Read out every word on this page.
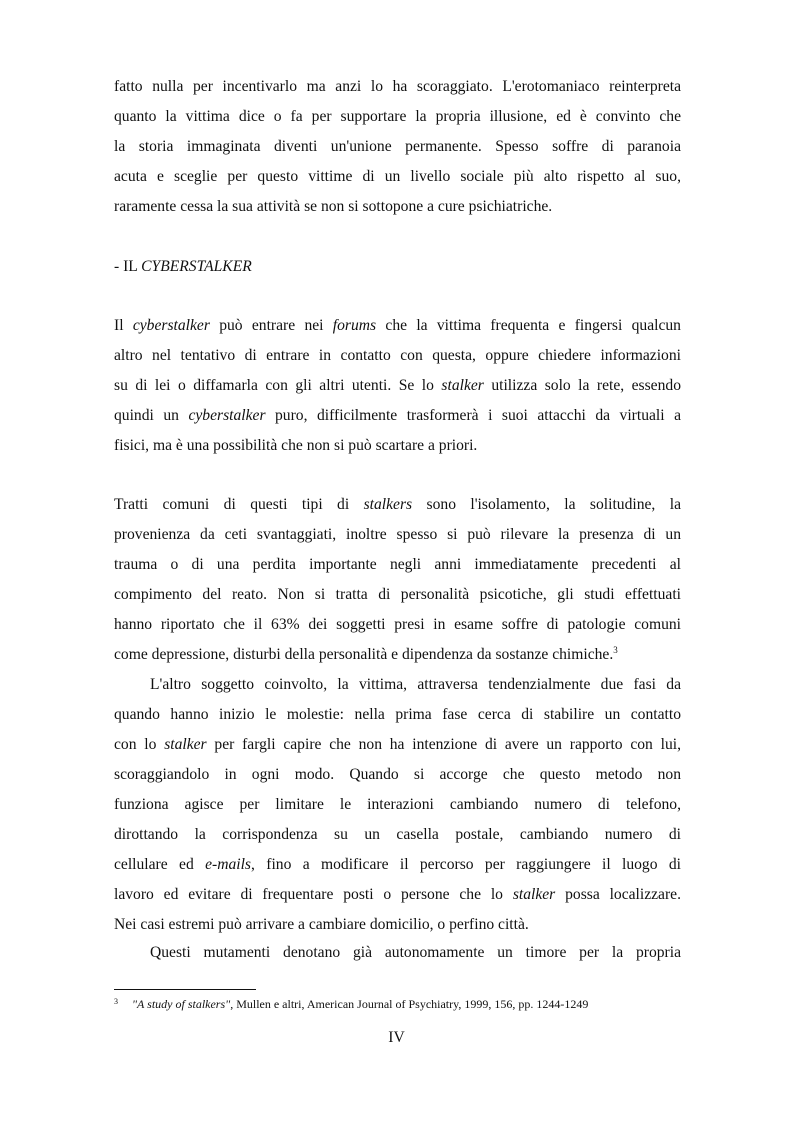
fatto nulla per incentivarlo ma anzi lo ha scoraggiato. L'erotomaniaco reinterpreta
quanto la vittima dice o fa per supportare la propria illusione, ed è convinto che
la storia immaginata diventi un'unione permanente. Spesso soffre di paranoia
acuta e sceglie per questo vittime di un livello sociale più alto rispetto al suo,
raramente cessa la sua attività se non si sottopone a cure psichiatriche.
- IL CYBERSTALKER
Il cyberstalker può entrare nei forums che la vittima frequenta e fingersi qualcun
altro nel tentativo di entrare in contatto con questa, oppure chiedere informazioni
su di lei o diffamarla con gli altri utenti. Se lo stalker utilizza solo la rete, essendo
quindi un cyberstalker puro, difficilmente trasformerà i suoi attacchi da virtuali a
fisici, ma è una possibilità che non si può scartare a priori.
Tratti comuni di questi tipi di stalkers sono l'isolamento, la solitudine, la
provenienza da ceti svantaggiati, inoltre spesso si può rilevare la presenza di un
trauma o di una perdita importante negli anni immediatamente precedenti al
compimento del reato. Non si tratta di personalità psicotiche, gli studi effettuati
hanno riportato che il 63% dei soggetti presi in esame soffre di patologie comuni
come depressione, disturbi della personalità e dipendenza da sostanze chimiche.$^3$
L'altro soggetto coinvolto, la vittima, attraversa tendenzialmente due fasi da
quando hanno inizio le molestie: nella prima fase cerca di stabilire un contatto
con lo stalker per fargli capire che non ha intenzione di avere un rapporto con lui,
scoraggiandolo in ogni modo. Quando si accorge che questo metodo non
funziona agisce per limitare le interazioni cambiando numero di telefono,
dirottando la corrispondenza su un casella postale, cambiando numero di
cellulare ed e-mails, fino a modificare il percorso per raggiungere il luogo di
lavoro ed evitare di frequentare posti o persone che lo stalker possa localizzare.
Nei casi estremi può arrivare a cambiare domicilio, o perfino città.
Questi mutamenti denotano già autonomamente un timore per la propria
3 "A study of stalkers", Mullen e altri, American Journal of Psychiatry, 1999, 156, pp. 1244-1249
IV
